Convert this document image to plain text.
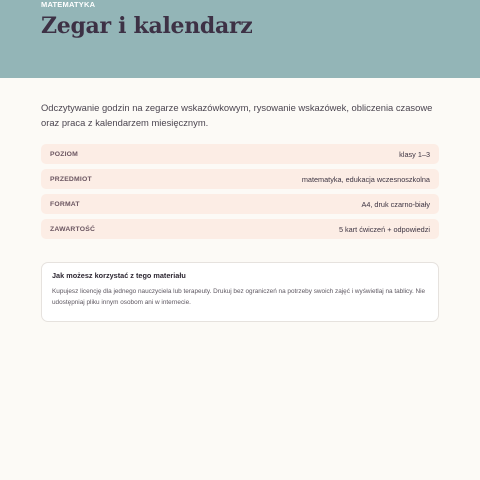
MATEMATYKA
Zegar i kalendarz

Odczytywanie godzin na zegarze wskazówkowym, rysowanie wskazówek, obliczenia czasowe oraz praca z kalendarzem miesięcznym.

POZIOM	klasy 1–3
PRZEDMIOT	matematyka, edukacja wczesnoszkolna
FORMAT	A4, druk czarno-biały
ZAWARTOŚĆ	5 kart ćwiczeń + odpowiedzi

Jak możesz korzystać z tego materiału

Kupujesz licencję dla jednego nauczyciela lub terapeuty. Drukuj bez ograniczeń na potrzeby swoich zajęć i wyświetlaj na tablicy. Nie udostępniaj pliku innym osobom ani w internecie.
